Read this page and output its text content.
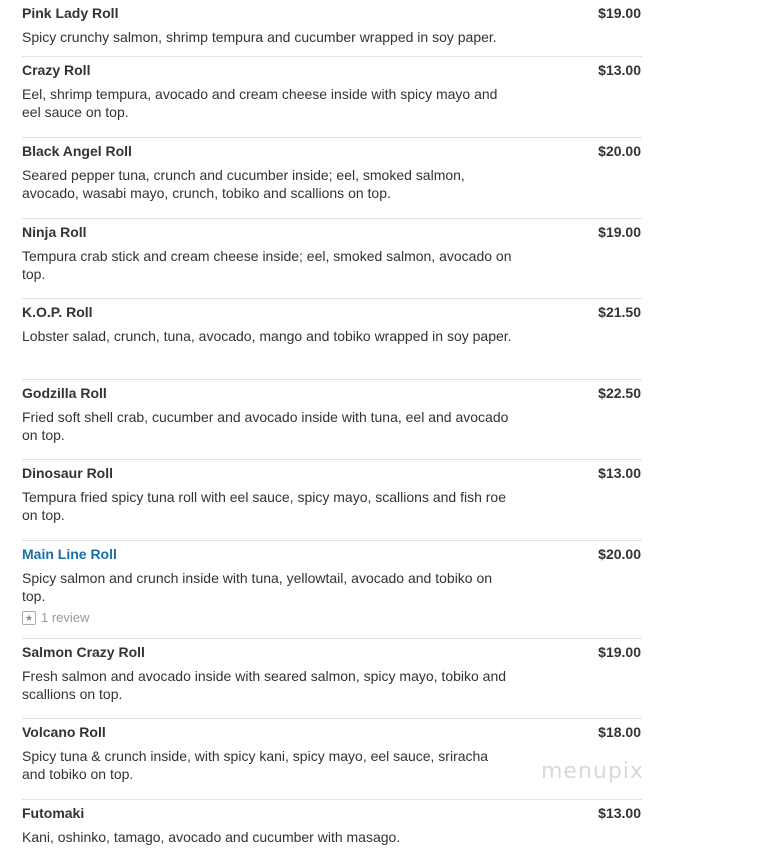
Pink Lady Roll	$19.00
Spicy crunchy salmon, shrimp tempura and cucumber wrapped in soy paper.
Crazy Roll	$13.00
Eel, shrimp tempura, avocado and cream cheese inside with spicy mayo and eel sauce on top.
Black Angel Roll	$20.00
Seared pepper tuna, crunch and cucumber inside; eel, smoked salmon, avocado, wasabi mayo, crunch, tobiko and scallions on top.
Ninja Roll	$19.00
Tempura crab stick and cream cheese inside; eel, smoked salmon, avocado on top.
K.O.P. Roll	$21.50
Lobster salad, crunch, tuna, avocado, mango and tobiko wrapped in soy paper.
Godzilla Roll	$22.50
Fried soft shell crab, cucumber and avocado inside with tuna, eel and avocado on top.
Dinosaur Roll	$13.00
Tempura fried spicy tuna roll with eel sauce, spicy mayo, scallions and fish roe on top.
Main Line Roll	$20.00
Spicy salmon and crunch inside with tuna, yellowtail, avocado and tobiko on top.
★ 1 review
Salmon Crazy Roll	$19.00
Fresh salmon and avocado inside with seared salmon, spicy mayo, tobiko and scallions on top.
Volcano Roll	$18.00
Spicy tuna & crunch inside, with spicy kani, spicy mayo, eel sauce, sriracha and tobiko on top.
Futomaki	$13.00
Kani, oshinko, tamago, avocado and cucumber with masago.
menupix
